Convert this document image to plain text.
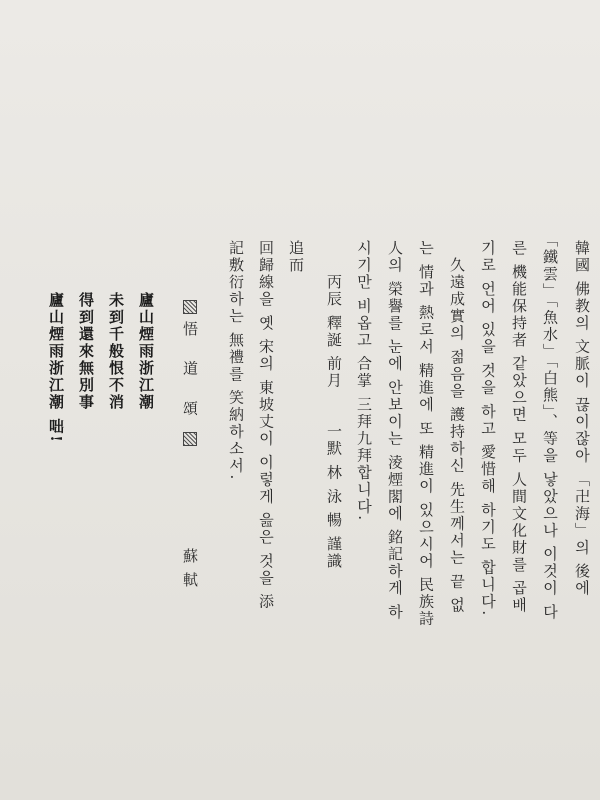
韓國 佛教의 文脈이 끊이잖아 「卍海」의 後에
「鐵雲」「魚水」「白熊」、等을 낳았으나 이것이 다
른 機能保持者 같았으면 모두 人間文化財를 곱배
기로 언어 있을 것을 하고 愛惜해 하기도 합니다.
　久遠成實의 젊음을 護持하신 先生께서는 끝 없
는 情과 熱로서 精進에 또 精進이 있으시어 民族詩
人의 榮譽를 눈에 안보이는 淩煙閣에 銘記하게 하
시기만 비옵고 合掌 三拜九拜합니다.
　　丙辰 釋誕 前月　　一默 林 泳 暢 謹識
追而
回歸線을 옛 宋의 東坡丈이 이렇게 읊은 것을 添
記敷衍하는 無禮를 笑納하소서.
悟 道 頌
蘇 軾
廬山煙雨浙江潮
未到千般恨不消
得到還來無別事
廬山煙雨浙江潮 咄!
